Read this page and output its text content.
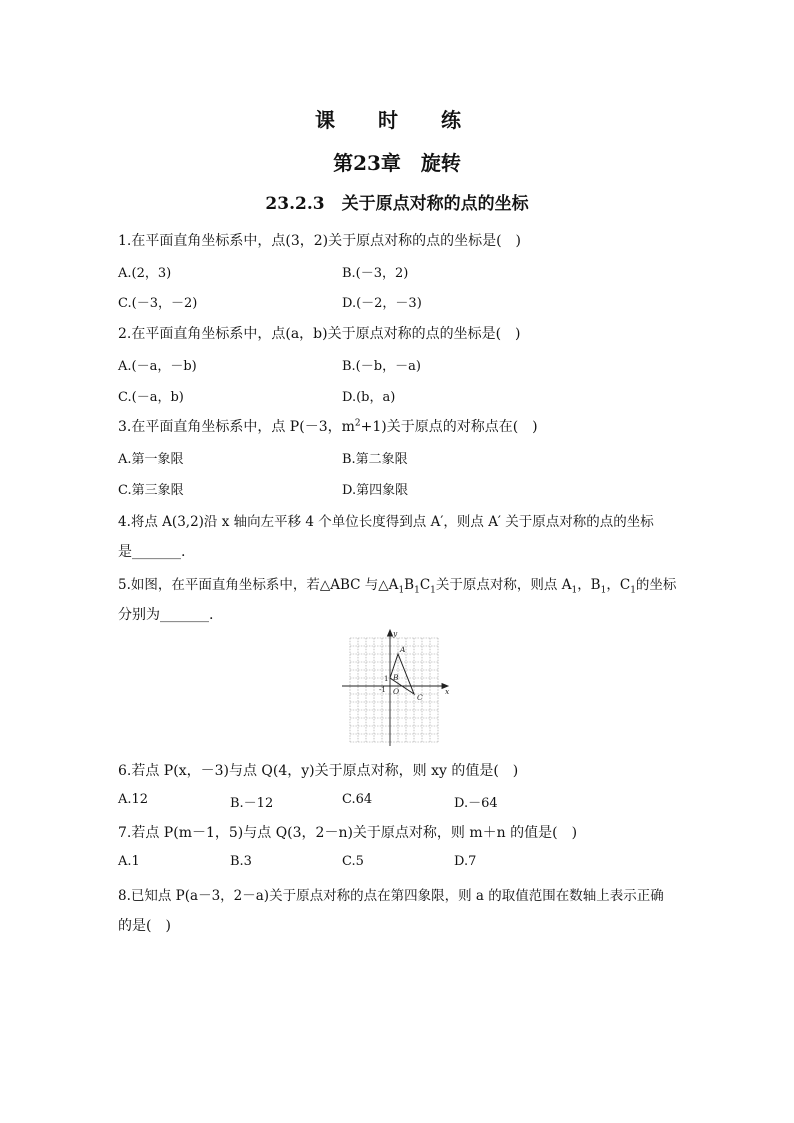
课 时 练
第23章　旋转
23.2.3　关于原点对称的点的坐标
1.在平面直角坐标系中，点(3，2)关于原点对称的点的坐标是(　)
A.(2，3)	B.(－3，2)
C.(－3，－2)	D.(－2，－3)
2.在平面直角坐标系中，点(a，b)关于原点对称的点的坐标是(　)
A.(－a，－b)	B.(－b，－a)
C.(－a，b)	D.(b，a)
3.在平面直角坐标系中，点 P(－3，$m^2+1$)关于原点的对称点在(　)
A.第一象限	B.第二象限
C.第三象限	D.第四象限
4.将点 A(3,2)沿 x 轴向左平移 4 个单位长度得到点 A′，则点 A′ 关于原点对称的点的坐标
是_______.
5.如图，在平面直角坐标系中，若△ABC 与$\triangle A_1B_1C_1$关于原点对称，则点 $A_1$，$B_1$，$C_1$的坐标
分别为_______.
y
x
O
A
B
C
1
-1
6.若点 P(x，－3)与点 Q(4，y)关于原点对称，则 xy 的值是(　)
A.12	B.－12	C.64	D.－64
7.若点 P(m－1，5)与点 Q(3，2－n)关于原点对称，则 m＋n 的值是(　)
A.1	B.3	C.5	D.7
8.已知点 P(a－3，2－a)关于原点对称的点在第四象限，则 a 的取值范围在数轴上表示正确
的是(　)
